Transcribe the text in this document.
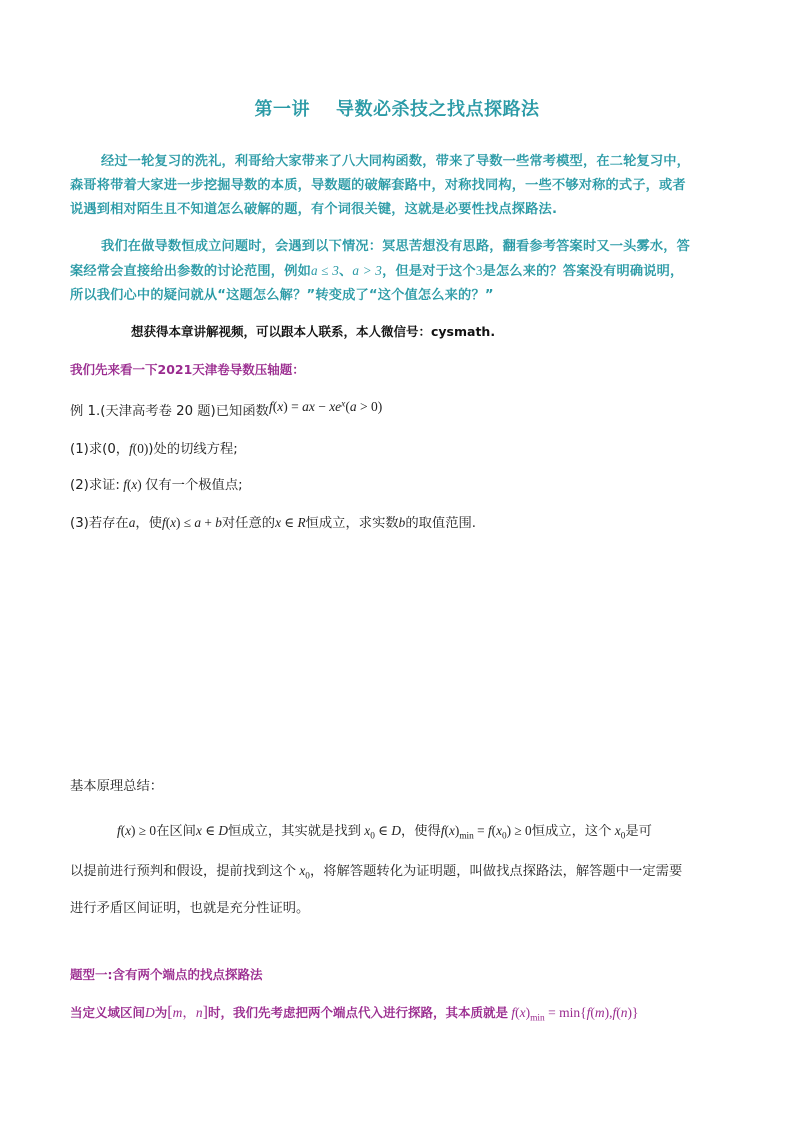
第一讲 导数必杀技之找点探路法
经过一轮复习的洗礼，利哥给大家带来了八大同构函数，带来了导数一些常考模型，在二轮复习中，
森哥将带着大家进一步挖掘导数的本质，导数题的破解套路中，对称找同构，一些不够对称的式子，或者
说遇到相对陌生且不知道怎么破解的题，有个词很关键，这就是必要性找点探路法.
我们在做导数恒成立问题时，会遇到以下情况：冥思苦想没有思路，翻看参考答案时又一头雾水，答
案经常会直接给出参数的讨论范围，例如a ≤ 3、a > 3，但是对于这个3是怎么来的？答案没有明确说明，
所以我们心中的疑问就从“这题怎么解？”转变成了“这个值怎么来的？”
想获得本章讲解视频，可以跟本人联系，本人微信号：cysmath.
我们先来看一下2021天津卷导数压轴题：
例 1.(天津高考卷 20 题)已知函数f(x) = ax − $xe^x(a > 0)$
(1)求(0，f(0))处的切线方程;
(2)求证: f(x) 仅有一个极值点;
(3)若存在a，使f(x) ≤ a + b对任意的x ∈ R恒成立，求实数b的取值范围.
基本原理总结：
f(x) ≥ 0在区间x ∈ D恒成立，其实就是找到 $x_0$ ∈ D，使得$f(x)_{min} = f(x_0) \ge 0$恒成立，这个 $x_0$是可
以提前进行预判和假设，提前找到这个 $x_0$，将解答题转化为证明题，叫做找点探路法，解答题中一定需要
进行矛盾区间证明，也就是充分性证明。
题型一:含有两个端点的找点探路法
当定义域区间D为[m，n]时，我们先考虑把两个端点代入进行探路，其本质就是 $f(x)_{min} = \min\{f(m),f(n)\}$
